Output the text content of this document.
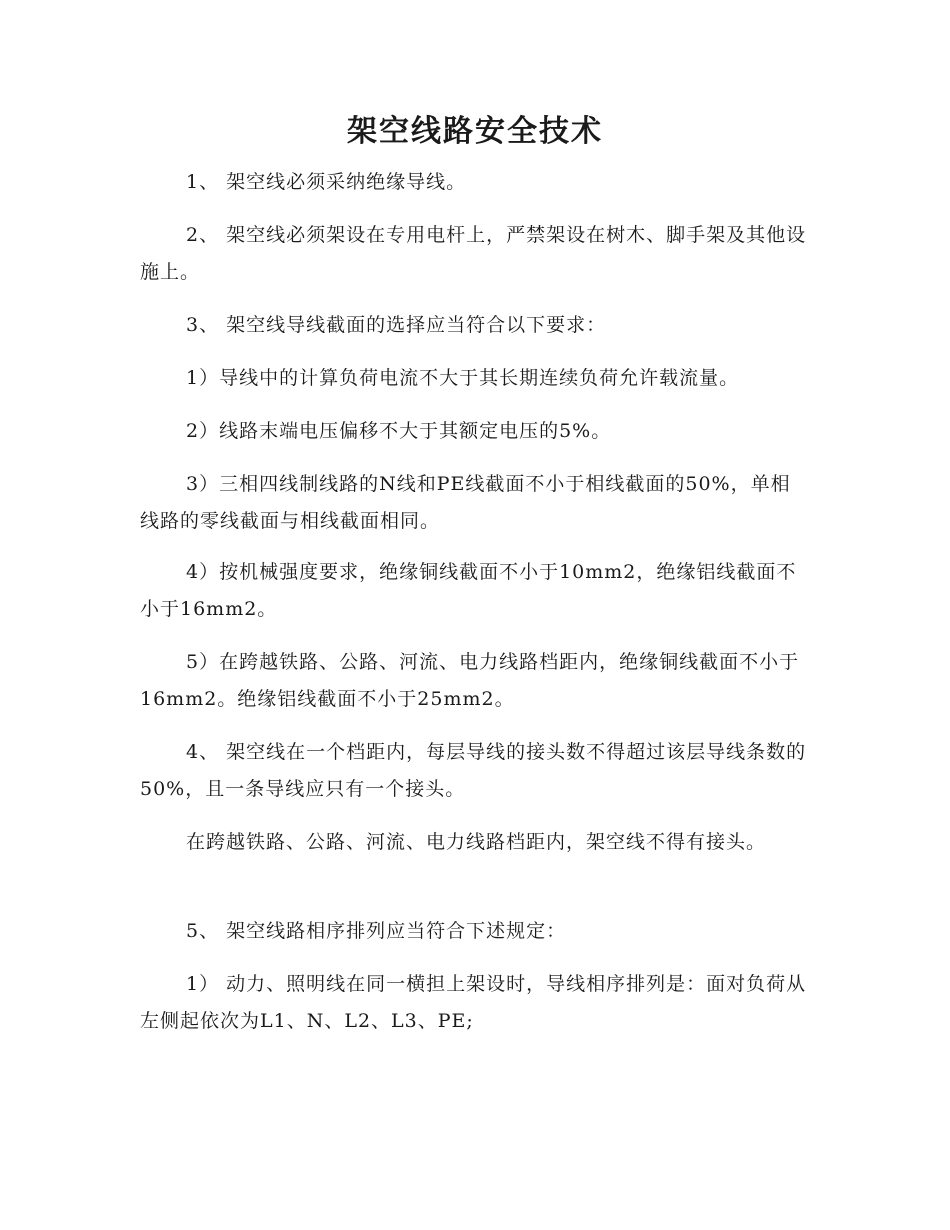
架空线路安全技术

1、 架空线必须采纳绝缘导线。

2、 架空线必须架设在专用电杆上，严禁架设在树木、脚手架及其他设施上。

3、 架空线导线截面的选择应当符合以下要求：

1）导线中的计算负荷电流不大于其长期连续负荷允许载流量。

2）线路末端电压偏移不大于其额定电压的5%。

3）三相四线制线路的N线和PE线截面不小于相线截面的50%，单相线路的零线截面与相线截面相同。

4）按机械强度要求，绝缘铜线截面不小于10mm2，绝缘铝线截面不小于16mm2。

5）在跨越铁路、公路、河流、电力线路档距内，绝缘铜线截面不小于16mm2。绝缘铝线截面不小于25mm2。

4、 架空线在一个档距内，每层导线的接头数不得超过该层导线条数的50%，且一条导线应只有一个接头。

在跨越铁路、公路、河流、电力线路档距内，架空线不得有接头。

5、 架空线路相序排列应当符合下述规定：

1） 动力、照明线在同一横担上架设时，导线相序排列是：面对负荷从左侧起依次为L1、N、L2、L3、PE;
